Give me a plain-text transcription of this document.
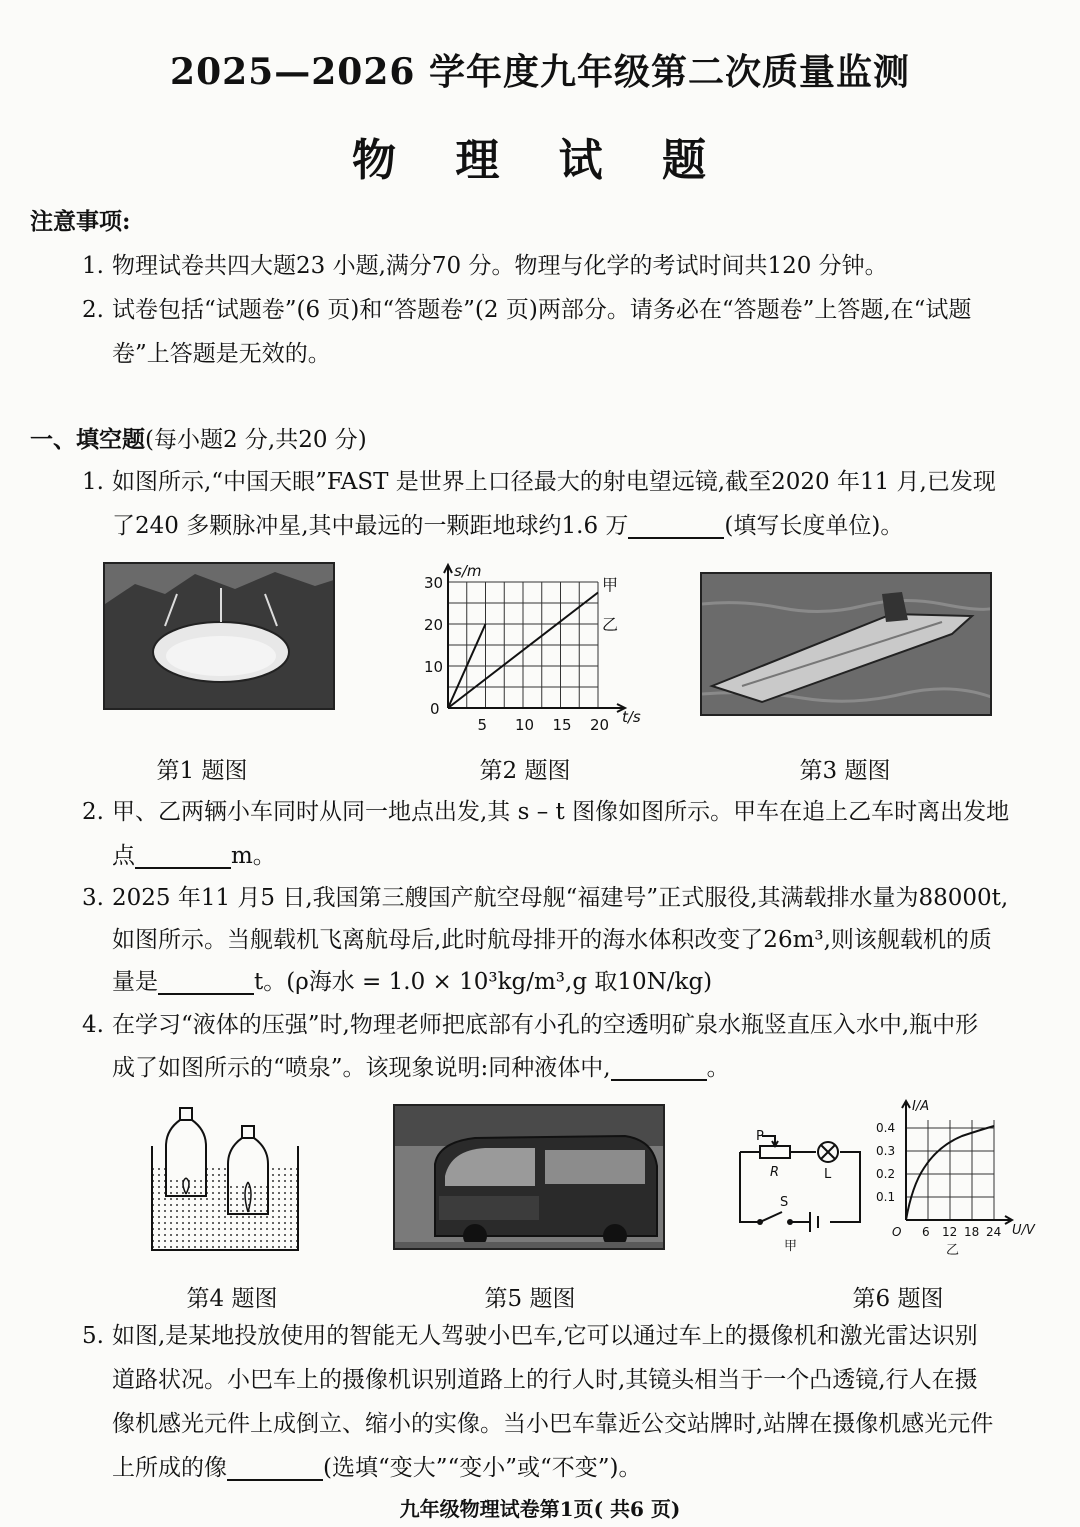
2025—2026 学年度九年级第二次质量监测
物 理 试 题
注意事项:
1. 物理试卷共四大题23 小题,满分70 分。物理与化学的考试时间共120 分钟。
2. 试卷包括“试题卷”(6 页)和“答题卷”(2 页)两部分。请务必在“答题卷”上答题,在“试题
卷”上答题是无效的。
一、填空题(每小题2 分,共20 分)
1. 如图所示,“中国天眼”FAST 是世界上口径最大的射电望远镜,截至2020 年11 月,已发现
了240 多颗脉冲星,其中最远的一颗距地球约1.6 万	(填写长度单位)。
第1 题图
30
20
10
5 10 15 20
0
s/m
t/s
甲
乙
第2 题图	第3 题图
2. 甲、乙两辆小车同时从同一地点出发,其 s – t 图像如图所示。甲车在追上乙车时离出发地
点	m。
3. 2025 年11 月5 日,我国第三艘国产航空母舰“福建号”正式服役,其满载排水量为88000t,
如图所示。当舰载机飞离航母后,此时航母排开的海水体积改变了26m³,则该舰载机的质
量是	t。(ρ海水 = 1.0 × 10³kg/m³,g 取10N/kg)
4. 在学习“液体的压强”时,物理老师把底部有小孔的空透明矿泉水瓶竖直压入水中,瓶中形
成了如图所示的“喷泉”。该现象说明:同种液体中,	。
第4 题图	第5 题图
P
R	L
S
甲
I/A
U/V
0.4
0.3
0.2
0.1
O 6 12 18 24
乙
第6 题图
5. 如图,是某地投放使用的智能无人驾驶小巴车,它可以通过车上的摄像机和激光雷达识别
道路状况。小巴车上的摄像机识别道路上的行人时,其镜头相当于一个凸透镜,行人在摄
像机感光元件上成倒立、缩小的实像。当小巴车靠近公交站牌时,站牌在摄像机感光元件
上所成的像	(选填“变大”“变小”或“不变”)。
九年级物理试卷第1页( 共6 页)
